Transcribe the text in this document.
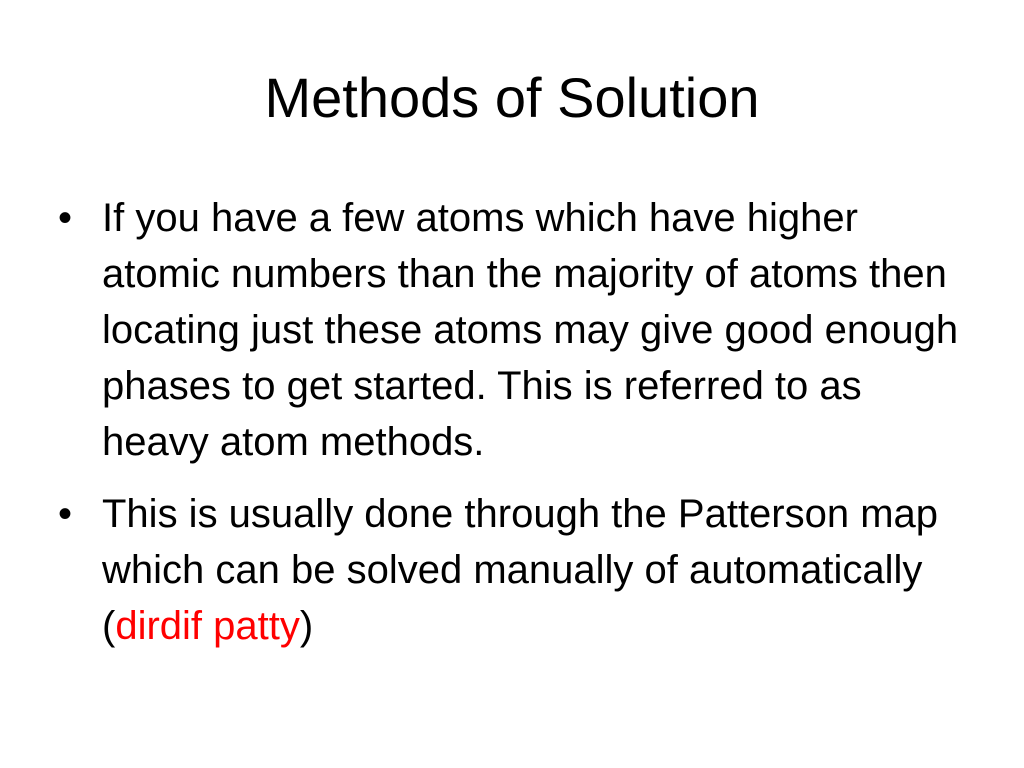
Methods of Solution
• If you have a few atoms which have higher atomic numbers than the majority of atoms then locating just these atoms may give good enough phases to get started. This is referred to as heavy atom methods.
• This is usually done through the Patterson map which can be solved manually of automatically (dirdif patty)
